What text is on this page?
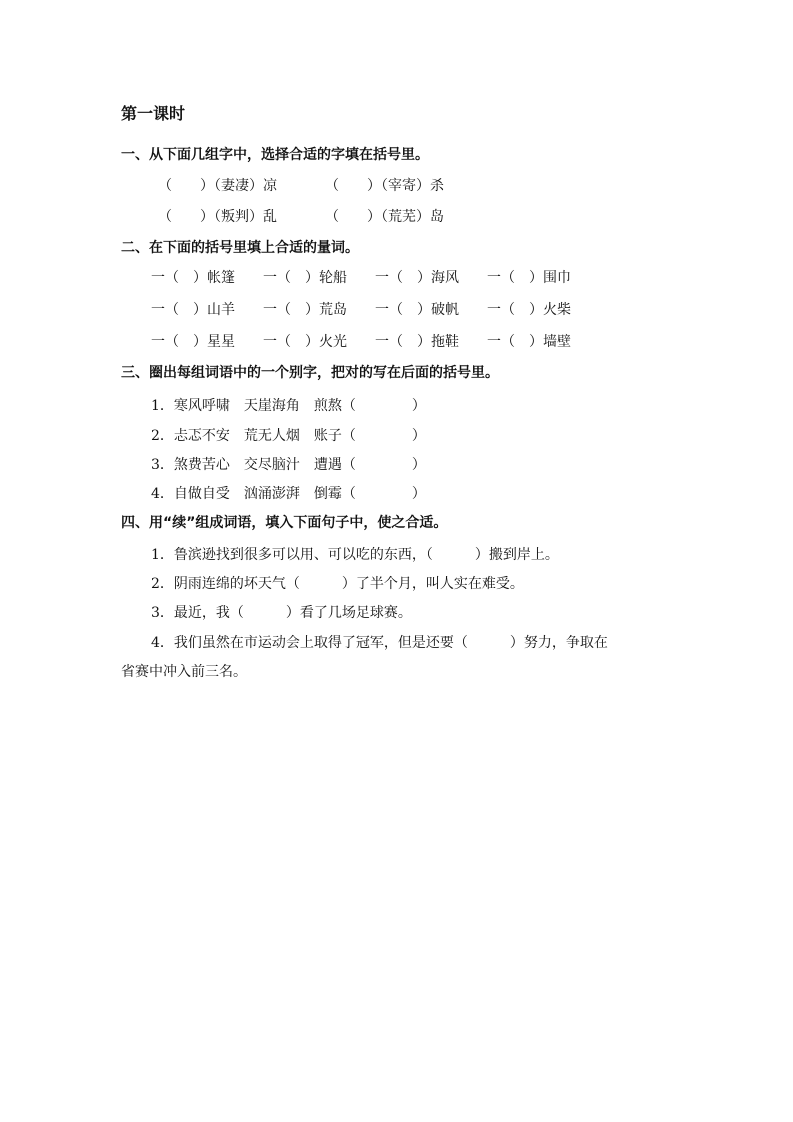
第一课时
一、从下面几组字中，选择合适的字填在括号里。
（　　）（妻凄）凉	（　　）（宰寄）杀
（　　）（叛判）乱	（　　）（荒芜）岛
二、在下面的括号里填上合适的量词。
一（　）帐篷 一（　）轮船 一（　）海风 一（　）围巾
一（　）山羊 一（　）荒岛 一（　）破帆 一（　）火柴
一（　）星星 一（　）火光 一（　）拖鞋 一（　）墙壁
三、圈出每组词语中的一个别字，把对的写在后面的括号里。
1．寒风呼啸　天崖海角　煎熬（　　　　）
2．忐忑不安　荒无人烟　账子（　　　　）
3．煞费苦心　交尽脑汁　遭遇（　　　　）
4．自做自受　汹涌澎湃　倒霉（　　　　）
四、用“续”组成词语，填入下面句子中，使之合适。
1．鲁滨逊找到很多可以用、可以吃的东西，（　　　）搬到岸上。
2．阴雨连绵的坏天气（　　　）了半个月，叫人实在难受。
3．最近，我（　　　）看了几场足球赛。
4．我们虽然在市运动会上取得了冠军，但是还要（　　　）努力，争取在
省赛中冲入前三名。
